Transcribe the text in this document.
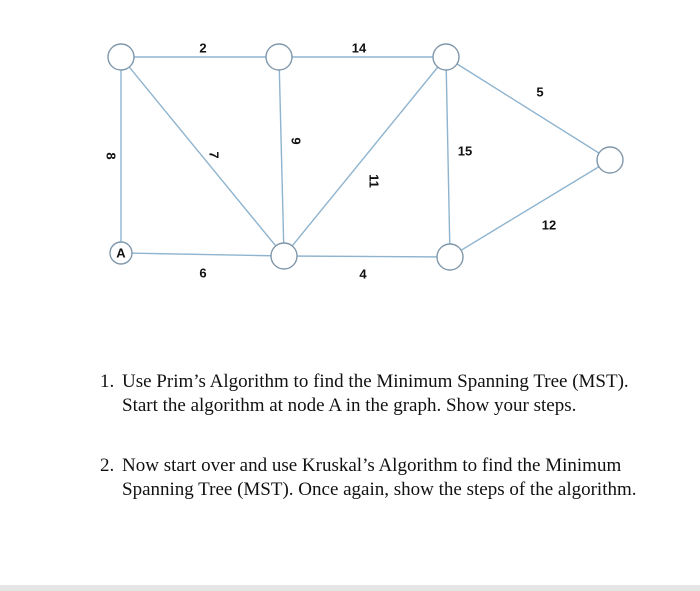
2	14
5
8	7
9
11
15
12
6	4
A
1. Use Prim’s Algorithm to find the Minimum Spanning Tree (MST). Start the algorithm at node A in the graph. Show your steps.
2. Now start over and use Kruskal’s Algorithm to find the Minimum Spanning Tree (MST). Once again, show the steps of the algorithm.
